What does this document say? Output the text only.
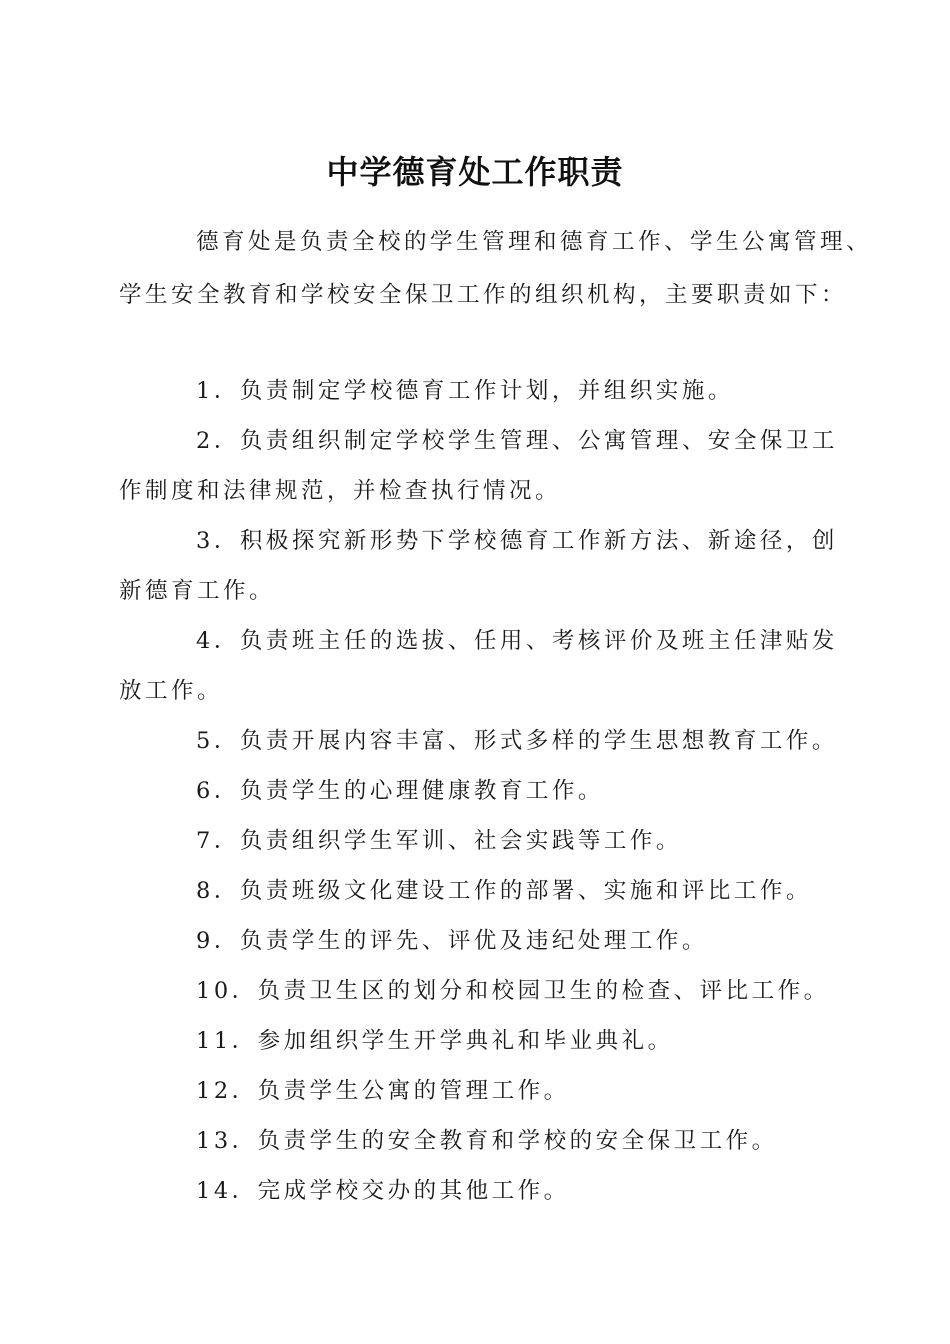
中学德育处工作职责
德育处是负责全校的学生管理和德育工作、学生公寓管理、
学生安全教育和学校安全保卫工作的组织机构，主要职责如下：
1．负责制定学校德育工作计划，并组织实施。
2．负责组织制定学校学生管理、公寓管理、安全保卫工
作制度和法律规范，并检查执行情况。
3．积极探究新形势下学校德育工作新方法、新途径，创
新德育工作。
4．负责班主任的选拔、任用、考核评价及班主任津贴发
放工作。
5．负责开展内容丰富、形式多样的学生思想教育工作。
6．负责学生的心理健康教育工作。
7．负责组织学生军训、社会实践等工作。
8．负责班级文化建设工作的部署、实施和评比工作。
9．负责学生的评先、评优及违纪处理工作。
10．负责卫生区的划分和校园卫生的检查、评比工作。
11．参加组织学生开学典礼和毕业典礼。
12．负责学生公寓的管理工作。
13．负责学生的安全教育和学校的安全保卫工作。
14．完成学校交办的其他工作。
